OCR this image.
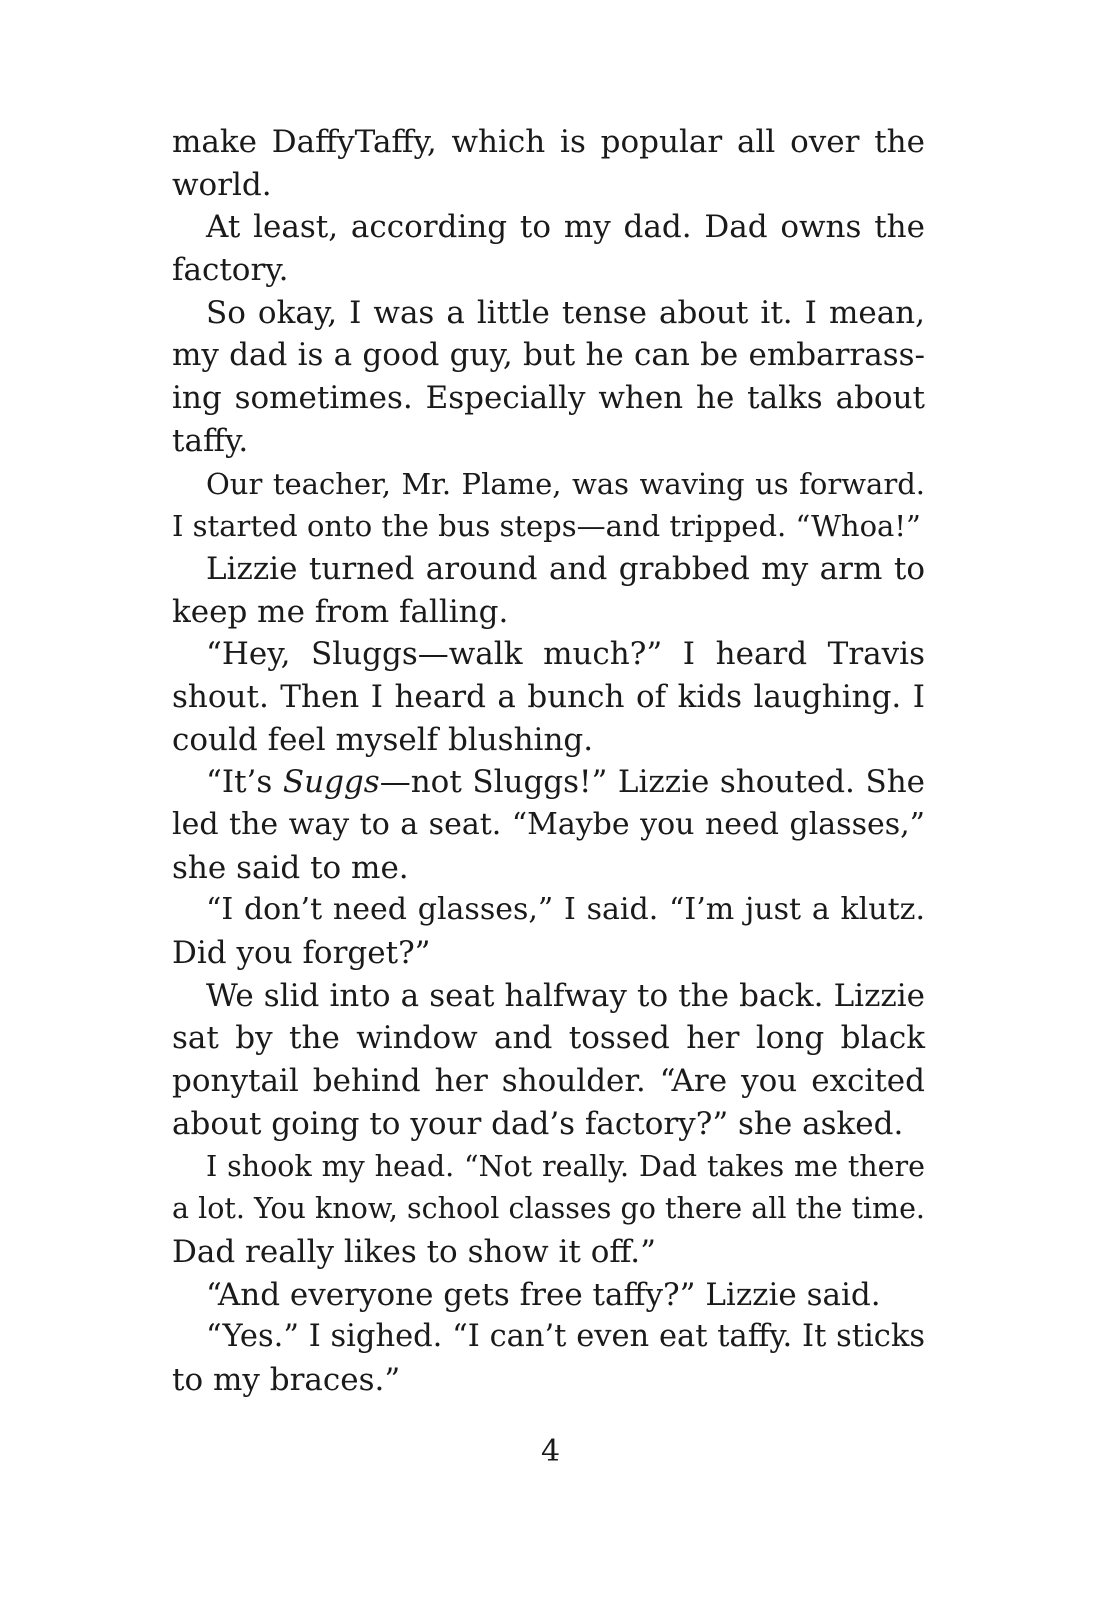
make DaffyTaffy, which is popular all over the
world.
At least, according to my dad. Dad owns the
factory.
So okay, I was a little tense about it. I mean,
my dad is a good guy, but he can be embarrass-
ing sometimes. Especially when he talks about
taffy.
Our teacher, Mr. Plame, was waving us forward.
I started onto the bus steps—and tripped. “Whoa!”
Lizzie turned around and grabbed my arm to
keep me from falling.
“Hey, Sluggs—walk much?” I heard Travis
shout. Then I heard a bunch of kids laughing. I
could feel myself blushing.
“It’s Suggs—not Sluggs!” Lizzie shouted. She
led the way to a seat. “Maybe you need glasses,”
she said to me.
“I don’t need glasses,” I said. “I’m just a klutz.
Did you forget?”
We slid into a seat halfway to the back. Lizzie
sat by the window and tossed her long black
ponytail behind her shoulder. “Are you excited
about going to your dad’s factory?” she asked.
I shook my head. “Not really. Dad takes me there
a lot. You know, school classes go there all the time.
Dad really likes to show it off.”
“And everyone gets free taffy?” Lizzie said.
“Yes.” I sighed. “I can’t even eat taffy. It sticks
to my braces.”
4
